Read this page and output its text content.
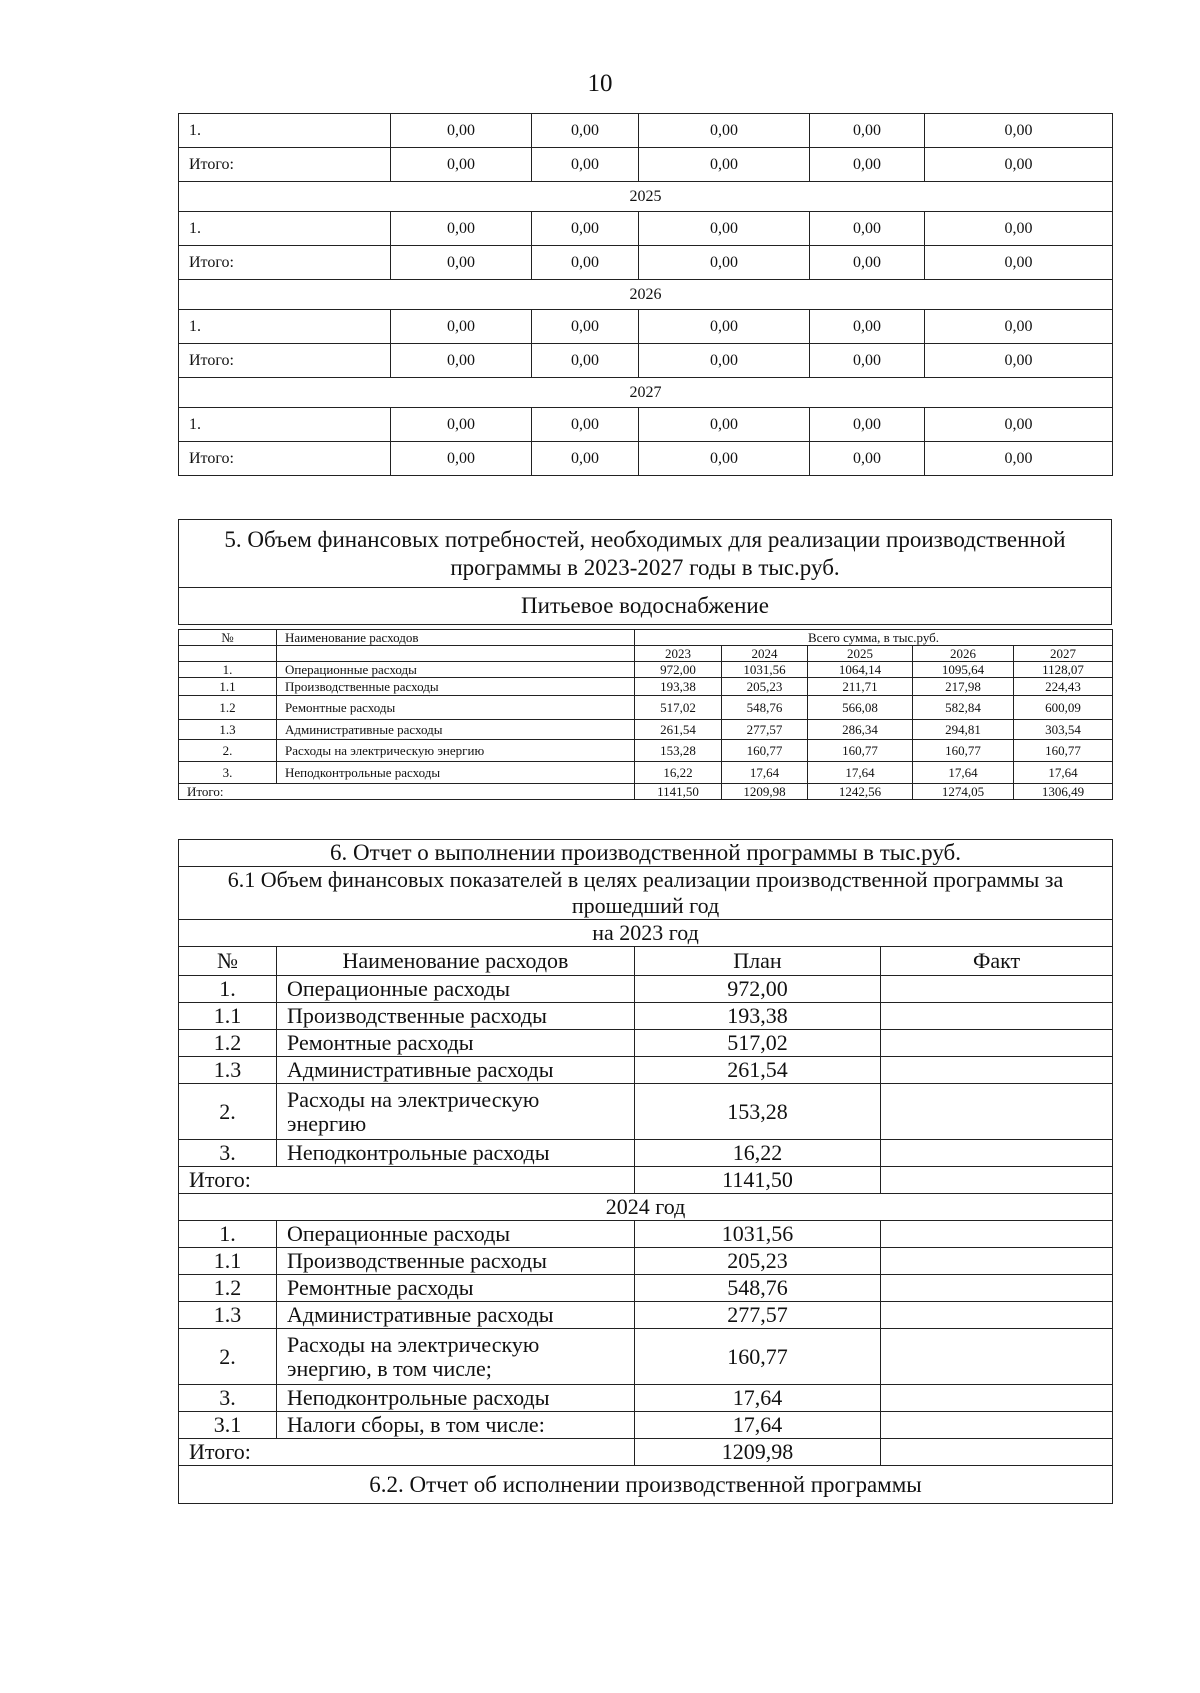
10
1.	0,00	0,00	0,00	0,00	0,00
Итого:	0,00	0,00	0,00	0,00	0,00
2025					
1.	0,00	0,00	0,00	0,00	0,00
Итого:	0,00	0,00	0,00	0,00	0,00
2026					
1.	0,00	0,00	0,00	0,00	0,00
Итого:	0,00	0,00	0,00	0,00	0,00
2027					
1.	0,00	0,00	0,00	0,00	0,00
Итого:	0,00	0,00	0,00	0,00	0,00
5. Объем финансовых потребностей, необходимых для реализации производственной программы в 2023-2027 годы в тыс.руб.
Питьевое водоснабжение
№	Наименование расходов	Всего сумма, в тыс.руб.				
		2023	2024	2025	2026	2027
1.	Операционные расходы	972,00	1031,56	1064,14	1095,64	1128,07
1.1	Производственные расходы	193,38	205,23	211,71	217,98	224,43
1.2	Ремонтные расходы	517,02	548,76	566,08	582,84	600,09
1.3	Административные расходы	261,54	277,57	286,34	294,81	303,54
2.	Расходы на электрическую энергию	153,28	160,77	160,77	160,77	160,77
3.	Неподконтрольные расходы	16,22	17,64	17,64	17,64	17,64
Итого:		1141,50	1209,98	1242,56	1274,05	1306,49
6. Отчет о выполнении производственной программы в тыс.руб.			
6.1 Объем финансовых показателей в целях реализации производственной программы за прошедший год			
на 2023 год			
№	Наименование расходов	План	Факт
1.	Операционные расходы	972,00	
1.1	Производственные расходы	193,38	
1.2	Ремонтные расходы	517,02	
1.3	Административные расходы	261,54	
2.	Расходы на электрическую энергию	153,28	
3.	Неподконтрольные расходы	16,22	
Итого:		1141,50	
2024 год			
1.	Операционные расходы	1031,56	
1.1	Производственные расходы	205,23	
1.2	Ремонтные расходы	548,76	
1.3	Административные расходы	277,57	
2.	Расходы на электрическую энергию, в том числе;	160,77	
3.	Неподконтрольные расходы	17,64	
3.1	Налоги сборы, в том числе:	17,64	
Итого:		1209,98	
6.2. Отчет об исполнении производственной программы			
